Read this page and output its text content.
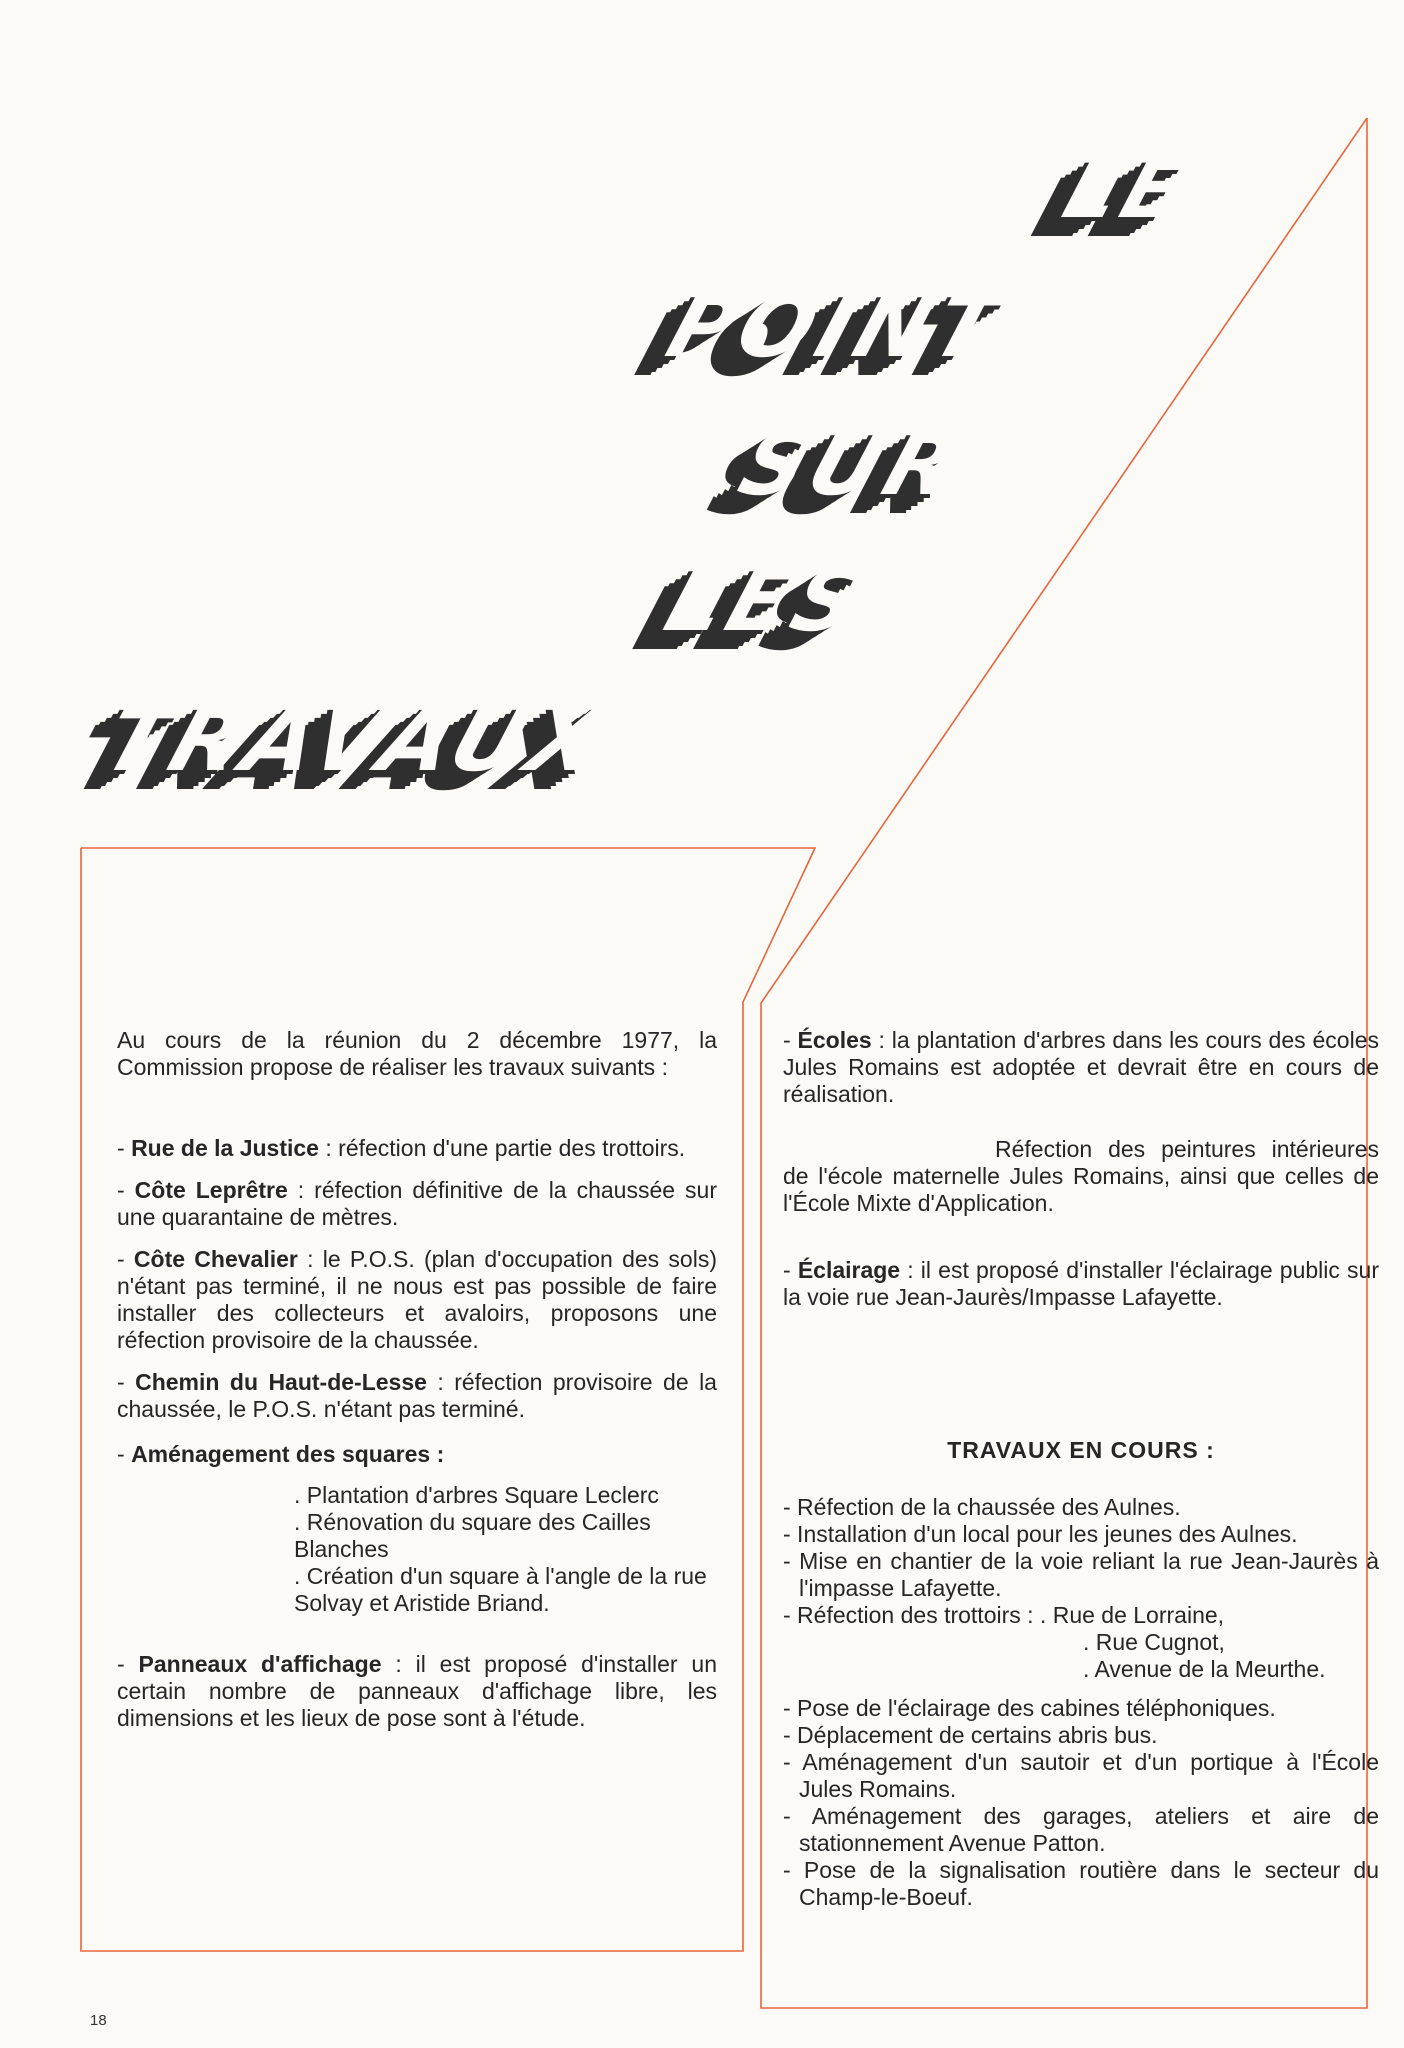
LE
POINT
SUR
LES
TRAVAUX

Au cours de la réunion du 2 décembre 1977, la Commission propose de réaliser les travaux suivants :

- Rue de la Justice : réfection d'une partie des trottoirs.

- Côte Leprêtre : réfection définitive de la chaussée sur une quarantaine de mètres.

- Côte Chevalier : le P.O.S. (plan d'occupation des sols) n'étant pas terminé, il ne nous est pas possible de faire installer des collecteurs et avaloirs, proposons une réfection provisoire de la chaussée.

- Chemin du Haut-de-Lesse : réfection provisoire de la chaussée, le P.O.S. n'étant pas terminé.

- Aménagement des squares :

. Plantation d'arbres Square Leclerc
. Rénovation du square des Cailles Blanches
. Création d'un square à l'angle de la rue Solvay et Aristide Briand.

- Panneaux d'affichage : il est proposé d'installer un certain nombre de panneaux d'affichage libre, les dimensions et les lieux de pose sont à l'étude.

- Écoles : la plantation d'arbres dans les cours des écoles Jules Romains est adoptée et devrait être en cours de réalisation.

Réfection des peintures intérieures de l'école maternelle Jules Romains, ainsi que celles de l'École Mixte d'Application.

- Éclairage : il est proposé d'installer l'éclairage public sur la voie rue Jean-Jaurès/Impasse Lafayette.

TRAVAUX EN COURS :
- Réfection de la chaussée des Aulnes.
- Installation d'un local pour les jeunes des Aulnes.
- Mise en chantier de la voie reliant la rue Jean-Jaurès à l'impasse Lafayette.
- Réfection des trottoirs : . Rue de Lorraine,
. Rue Cugnot,
. Avenue de la Meurthe.
- Pose de l'éclairage des cabines téléphoniques.
- Déplacement de certains abris bus.
- Aménagement d'un sautoir et d'un portique à l'École Jules Romains.
- Aménagement des garages, ateliers et aire de stationnement Avenue Patton.
- Pose de la signalisation routière dans le secteur du Champ-le-Boeuf.
18
